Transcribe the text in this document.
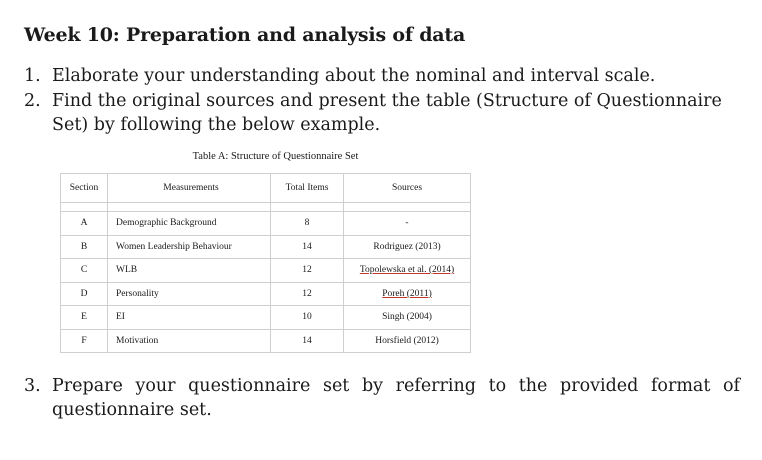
Week 10: Preparation and analysis of data
1. Elaborate your understanding about the nominal and interval scale.
2. Find the original sources and present the table (Structure of Questionnaire Set) by following the below example.
Table A: Structure of Questionnaire Set
Section	Measurements	Total Items	Sources

A	Demographic Background	8	-
B	Women Leadership Behaviour	14	Rodriguez (2013)
C	WLB	12	Topolewska et al. (2014)
D	Personality	12	Poreh (2011)
E	EI	10	Singh (2004)
F	Motivation	14	Horsfield (2012)
3. Prepare your questionnaire set by referring to the provided format of questionnaire set.
